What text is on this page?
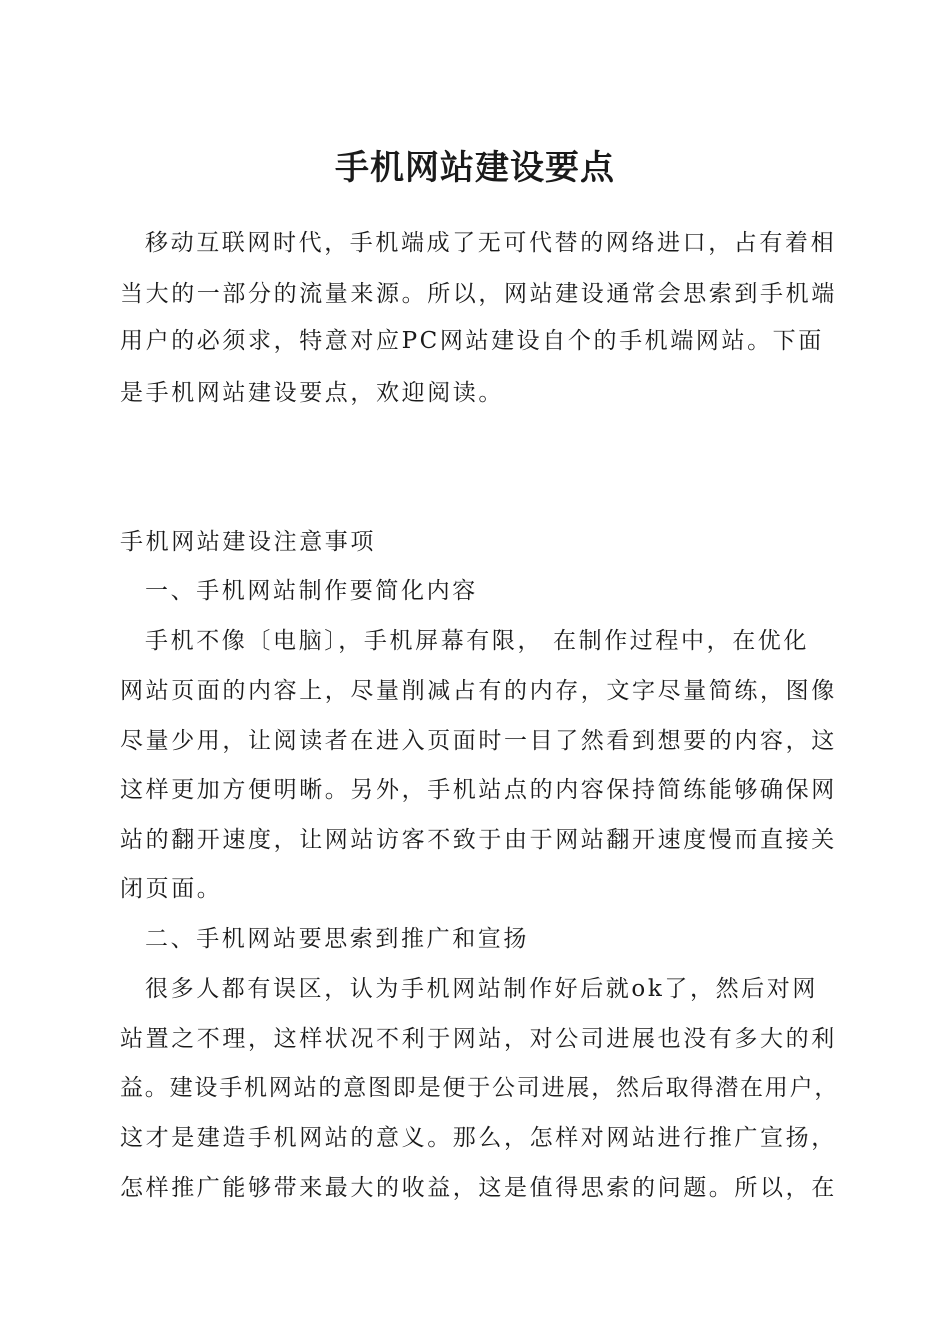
手机网站建设要点

移动互联网时代，手机端成了无可代替的网络进口，占有着相

当大的一部分的流量来源。所以，网站建设通常会思索到手机端

用户的必须求，特意对应PC网站建设自个的手机端网站。下面

是手机网站建设要点，欢迎阅读。

手机网站建设注意事项

一、手机网站制作要简化内容

手机不像〔电脑〕，手机屏幕有限， 在制作过程中，在优化

网站页面的内容上，尽量削减占有的内存，文字尽量简练，图像

尽量少用，让阅读者在进入页面时一目了然看到想要的内容，这

这样更加方便明晰。另外，手机站点的内容保持简练能够确保网

站的翻开速度，让网站访客不致于由于网站翻开速度慢而直接关

闭页面。

二、手机网站要思索到推广和宣扬

很多人都有误区，认为手机网站制作好后就ok了，然后对网

站置之不理，这样状况不利于网站，对公司进展也没有多大的利

益。建设手机网站的意图即是便于公司进展，然后取得潜在用户，

这才是建造手机网站的意义。那么，怎样对网站进行推广宣扬，

怎样推广能够带来最大的收益，这是值得思索的问题。所以，在
